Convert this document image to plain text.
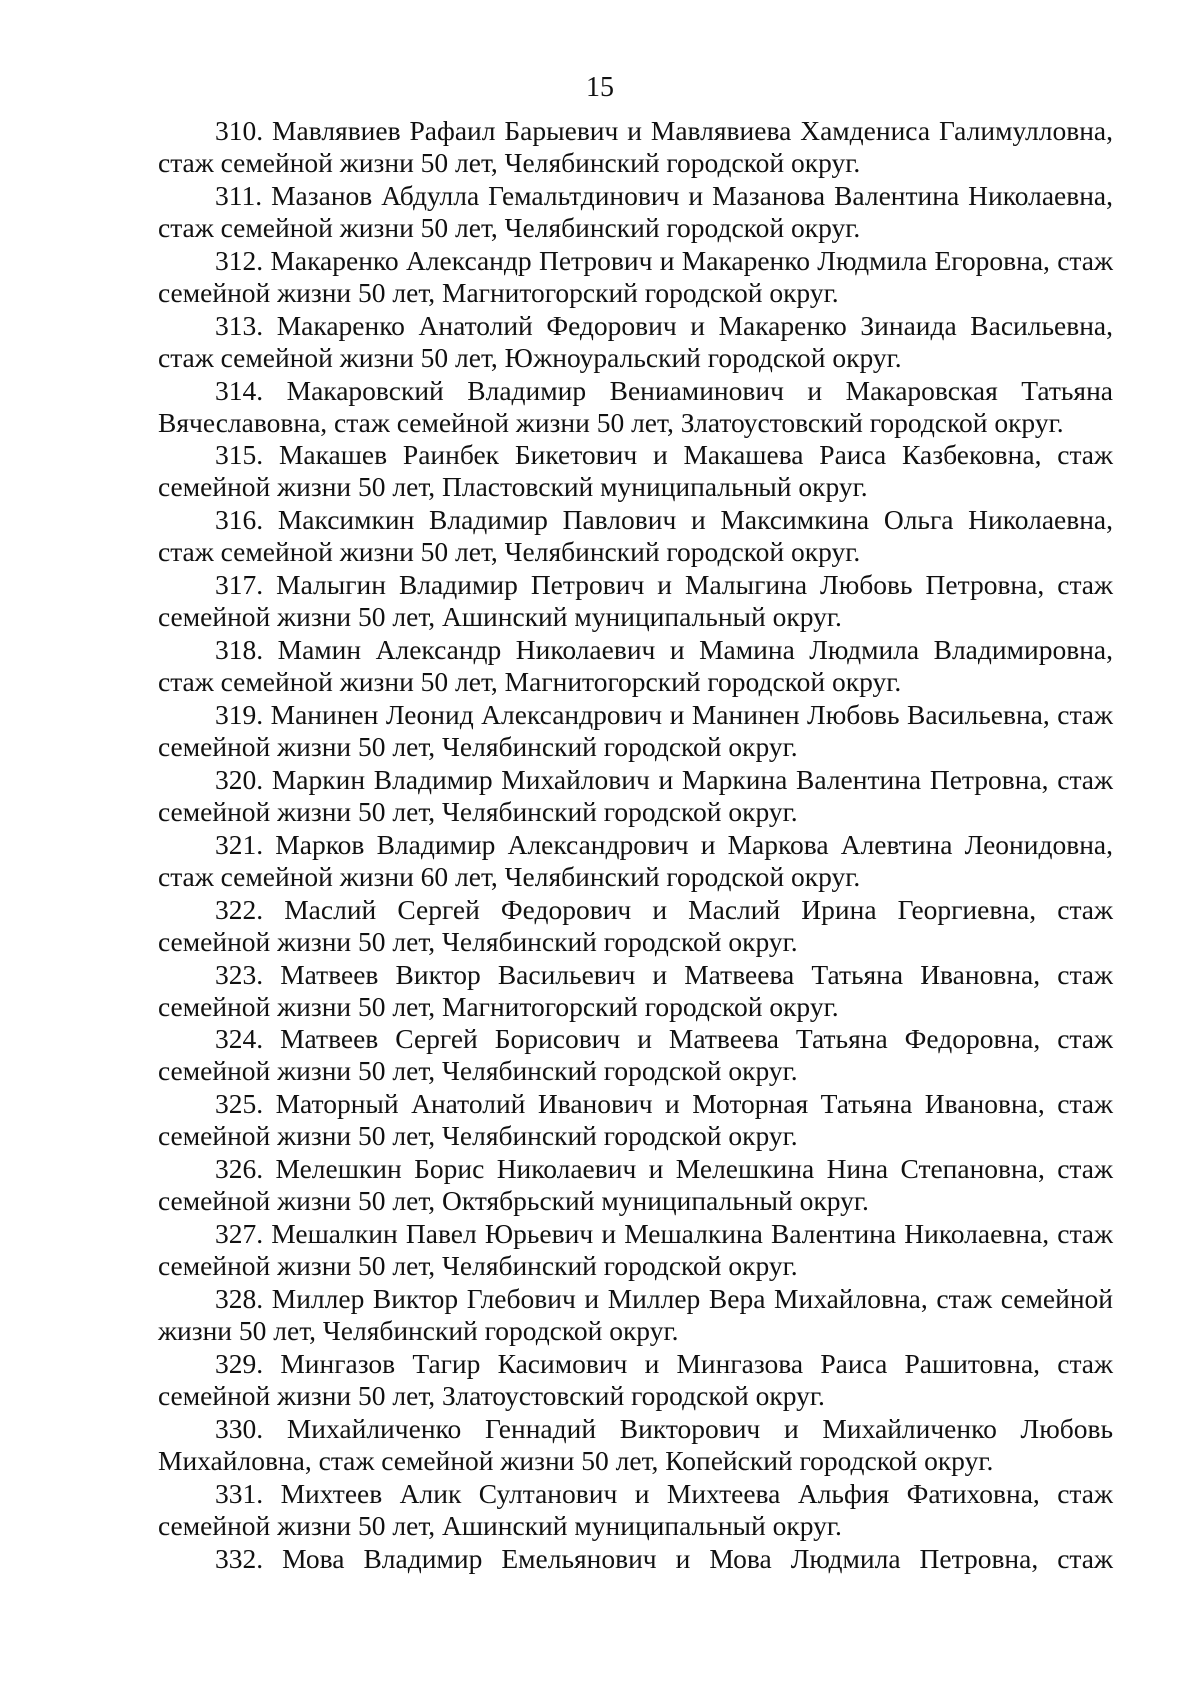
15

310. Мавлявиев Рафаил Барыевич и Мавлявиева Хамдениса Галимулловна, стаж семейной жизни 50 лет, Челябинский городской округ.

311. Мазанов Абдулла Гемальтдинович и Мазанова Валентина Николаевна, стаж семейной жизни 50 лет, Челябинский городской округ.

312. Макаренко Александр Петрович и Макаренко Людмила Егоровна, стаж семейной жизни 50 лет, Магнитогорский городской округ.

313. Макаренко Анатолий Федорович и Макаренко Зинаида Васильевна, стаж семейной жизни 50 лет, Южноуральский городской округ.

314. Макаровский Владимир Вениаминович и Макаровская Татьяна Вячеславовна, стаж семейной жизни 50 лет, Златоустовский городской округ.

315. Макашев Раинбек Бикетович и Макашева Раиса Казбековна, стаж семейной жизни 50 лет, Пластовский муниципальный округ.

316. Максимкин Владимир Павлович и Максимкина Ольга Николаевна, стаж семейной жизни 50 лет, Челябинский городской округ.

317. Малыгин Владимир Петрович и Малыгина Любовь Петровна, стаж семейной жизни 50 лет, Ашинский муниципальный округ.

318. Мамин Александр Николаевич и Мамина Людмила Владимировна, стаж семейной жизни 50 лет, Магнитогорский городской округ.

319. Манинен Леонид Александрович и Манинен Любовь Васильевна, стаж семейной жизни 50 лет, Челябинский городской округ.

320. Маркин Владимир Михайлович и Маркина Валентина Петровна, стаж семейной жизни 50 лет, Челябинский городской округ.

321. Марков Владимир Александрович и Маркова Алевтина Леонидовна, стаж семейной жизни 60 лет, Челябинский городской округ.

322. Маслий Сергей Федорович и Маслий Ирина Георгиевна, стаж семейной жизни 50 лет, Челябинский городской округ.

323. Матвеев Виктор Васильевич и Матвеева Татьяна Ивановна, стаж семейной жизни 50 лет, Магнитогорский городской округ.

324. Матвеев Сергей Борисович и Матвеева Татьяна Федоровна, стаж семейной жизни 50 лет, Челябинский городской округ.

325. Маторный Анатолий Иванович и Моторная Татьяна Ивановна, стаж семейной жизни 50 лет, Челябинский городской округ.

326. Мелешкин Борис Николаевич и Мелешкина Нина Степановна, стаж семейной жизни 50 лет, Октябрьский муниципальный округ.

327. Мешалкин Павел Юрьевич и Мешалкина Валентина Николаевна, стаж семейной жизни 50 лет, Челябинский городской округ.

328. Миллер Виктор Глебович и Миллер Вера Михайловна, стаж семейной жизни 50 лет, Челябинский городской округ.

329. Мингазов Тагир Касимович и Мингазова Раиса Рашитовна, стаж семейной жизни 50 лет, Златоустовский городской округ.

330. Михайличенко Геннадий Викторович и Михайличенко Любовь Михайловна, стаж семейной жизни 50 лет, Копейский городской округ.

331. Михтеев Алик Султанович и Михтеева Альфия Фатиховна, стаж семейной жизни 50 лет, Ашинский муниципальный округ.

332. Мова Владимир Емельянович и Мова Людмила Петровна, стаж
